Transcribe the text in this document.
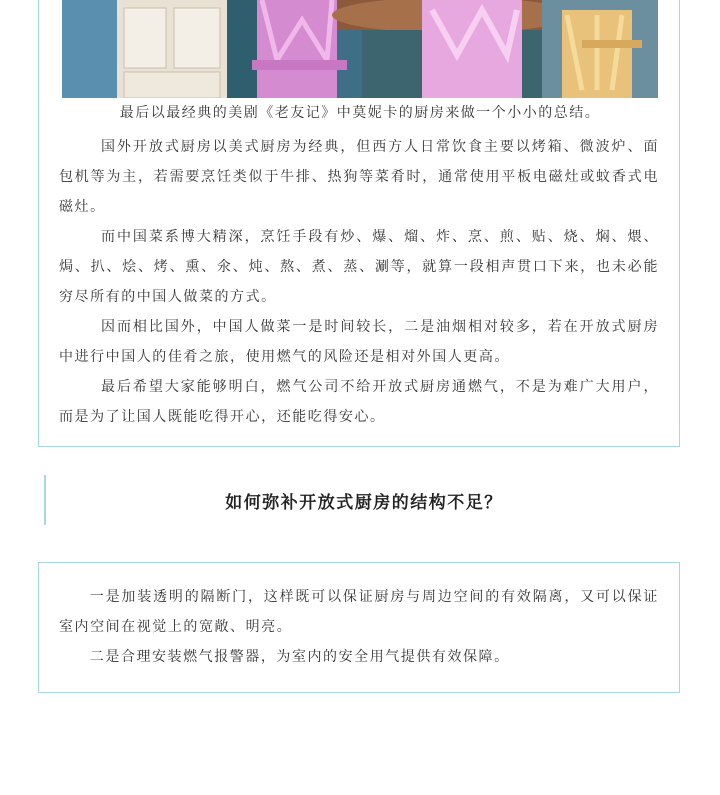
最后以最经典的美剧《老友记》中莫妮卡的厨房来做一个小小的总结。

国外开放式厨房以美式厨房为经典，但西方人日常饮食主要以烤箱、微波炉、面包机等为主，若需要烹饪类似于牛排、热狗等菜肴时，通常使用平板电磁灶或蚊香式电磁灶。

而中国菜系博大精深，烹饪手段有炒、爆、熘、炸、烹、煎、贴、烧、焖、煨、焗、扒、烩、烤、熏、氽、炖、熬、煮、蒸、涮等，就算一段相声贯口下来，也未必能穷尽所有的中国人做菜的方式。

因而相比国外，中国人做菜一是时间较长，二是油烟相对较多，若在开放式厨房中进行中国人的佳肴之旅，使用燃气的风险还是相对外国人更高。

最后希望大家能够明白，燃气公司不给开放式厨房通燃气，不是为难广大用户，而是为了让国人既能吃得开心，还能吃得安心。

如何弥补开放式厨房的结构不足？

一是加装透明的隔断门，这样既可以保证厨房与周边空间的有效隔离，又可以保证室内空间在视觉上的宽敞、明亮。

二是合理安装燃气报警器，为室内的安全用气提供有效保障。
